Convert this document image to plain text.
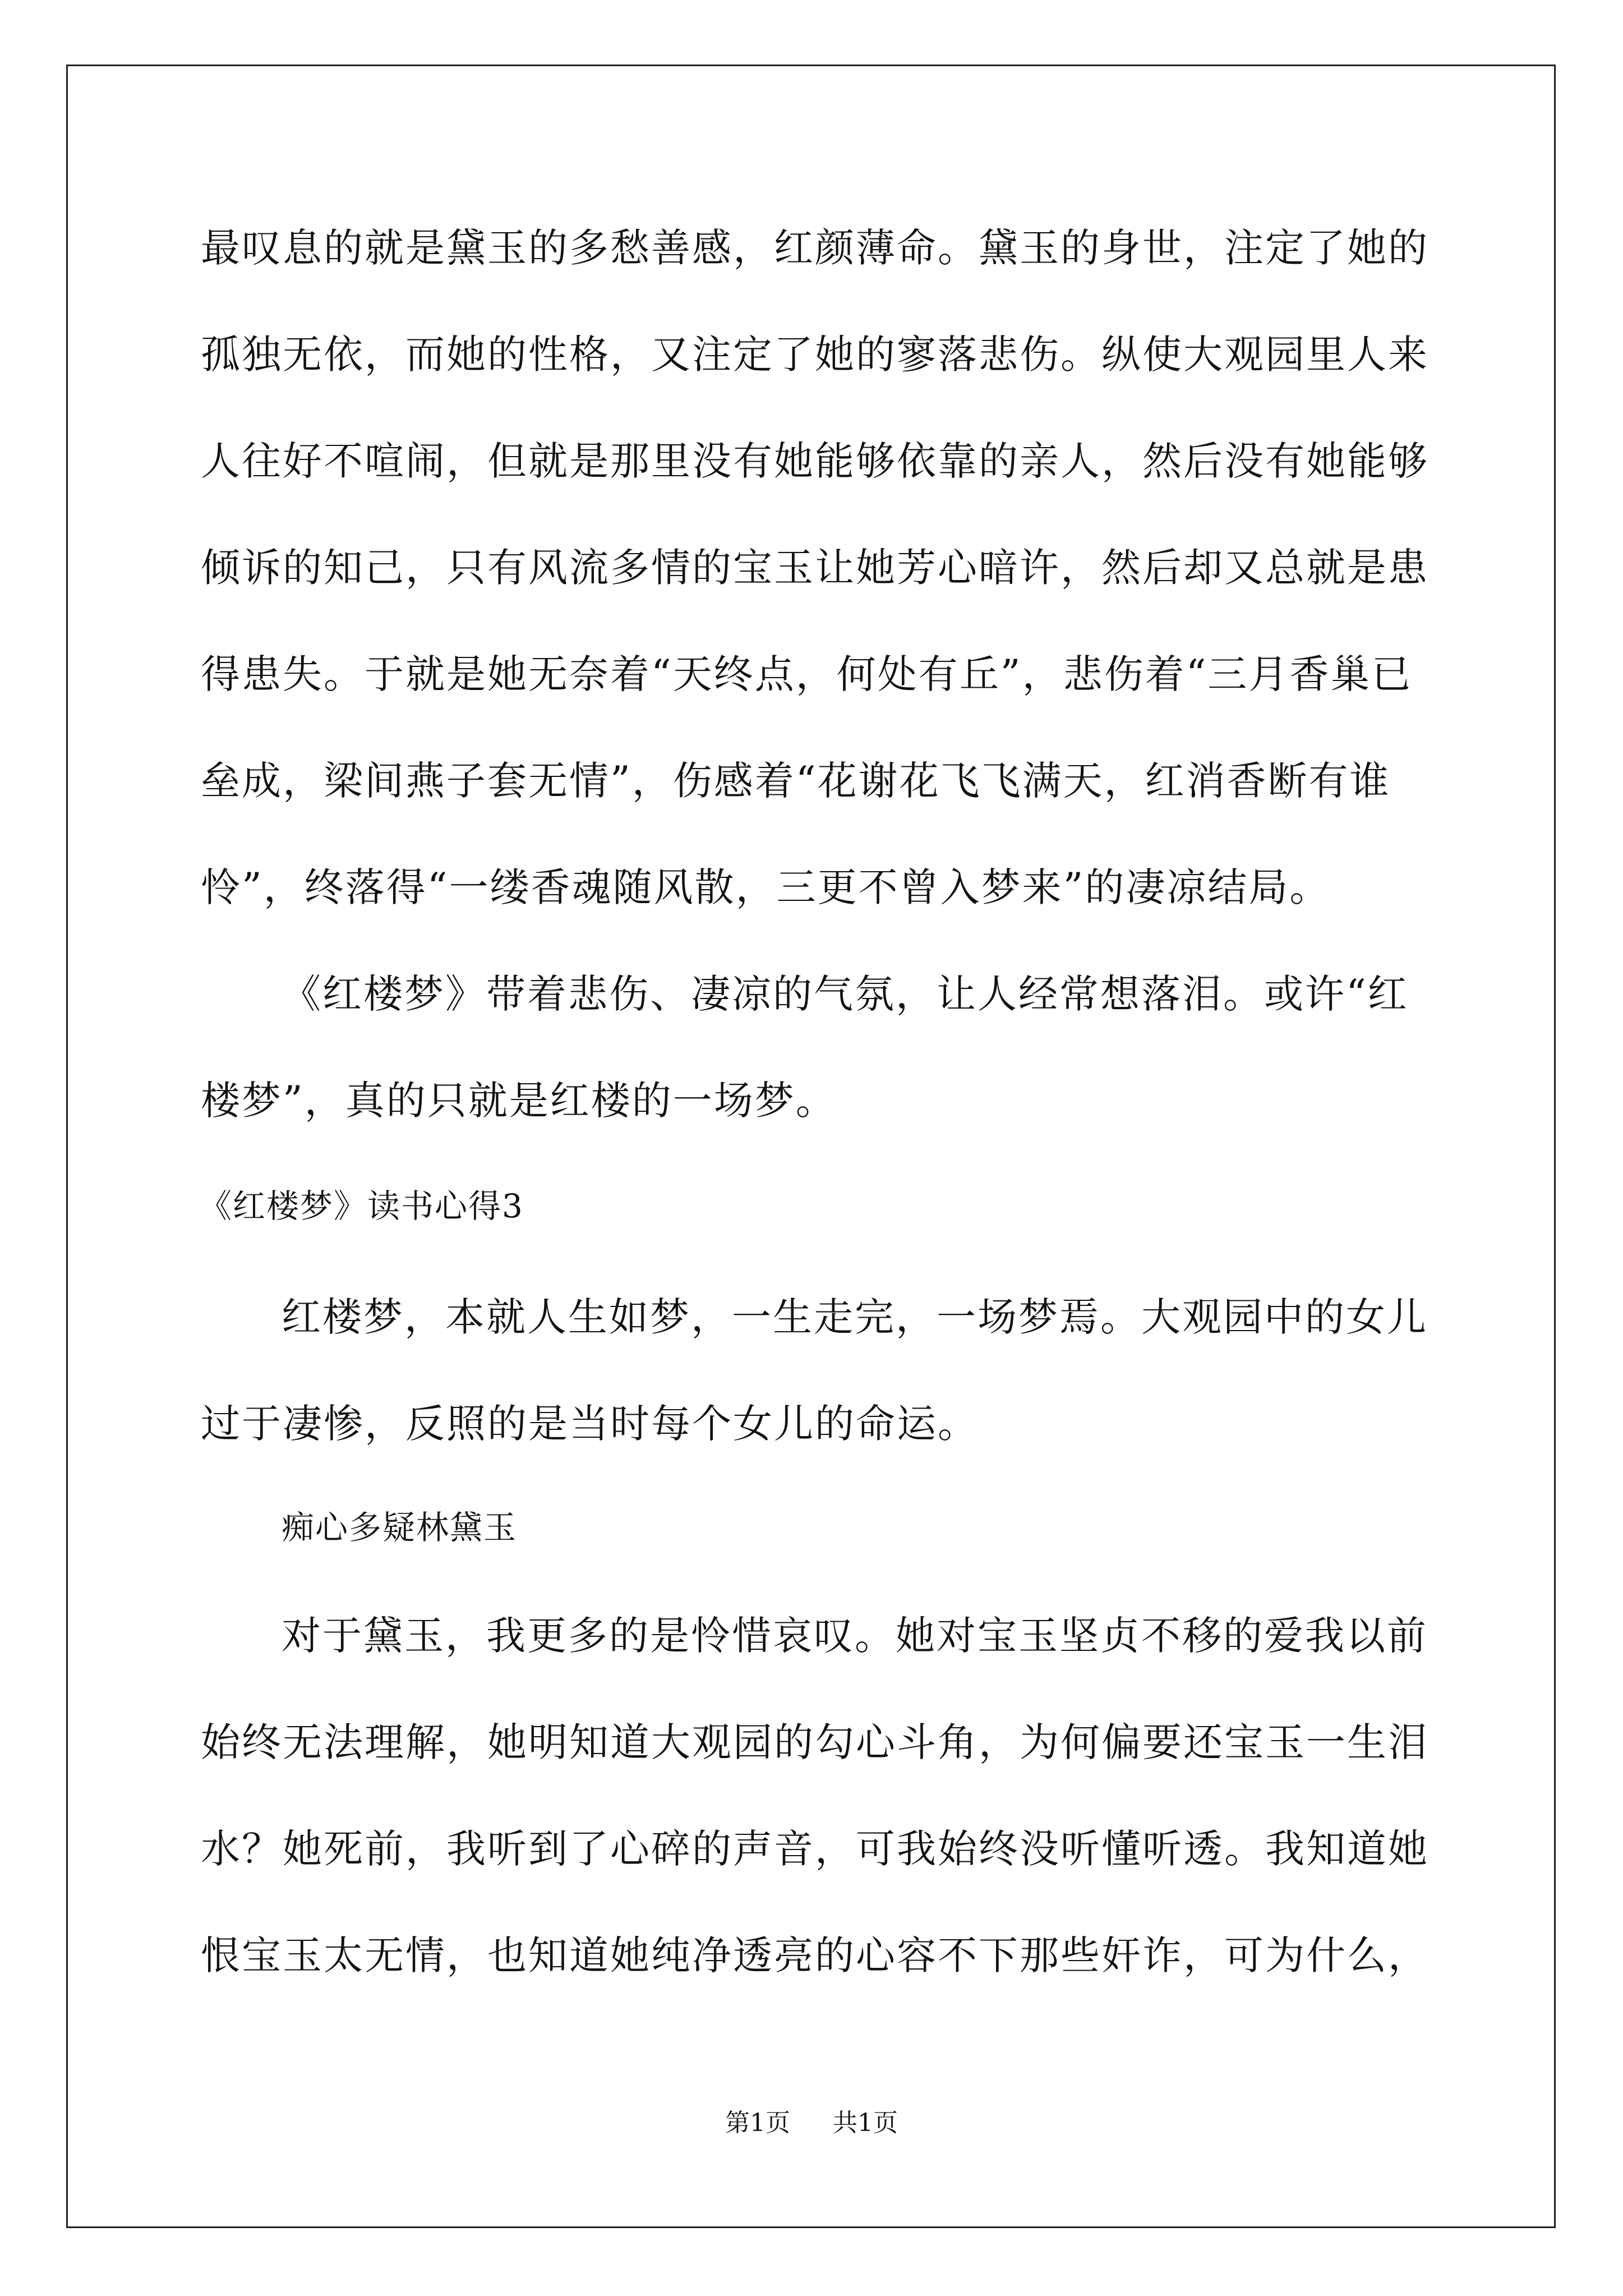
最叹息的就是黛玉的多愁善感，红颜薄命。黛玉的身世，注定了她的
孤独无依，而她的性格，又注定了她的寥落悲伤。纵使大观园里人来
人往好不喧闹，但就是那里没有她能够依靠的亲人，然后没有她能够
倾诉的知己，只有风流多情的宝玉让她芳心暗许，然后却又总就是患
得患失。于就是她无奈着“天终点，何处有丘”，悲伤着“三月香巢已
垒成，梁间燕子套无情”，伤感着“花谢花飞飞满天，红消香断有谁
怜”，终落得“一缕香魂随风散，三更不曾入梦来”的凄凉结局。
《红楼梦》带着悲伤、凄凉的气氛，让人经常想落泪。或许“红
楼梦”，真的只就是红楼的一场梦。
《红楼梦》读书心得3
红楼梦，本就人生如梦，一生走完，一场梦焉。大观园中的女儿
过于凄惨，反照的是当时每个女儿的命运。
痴心多疑林黛玉
对于黛玉，我更多的是怜惜哀叹。她对宝玉坚贞不移的爱我以前
始终无法理解，她明知道大观园的勾心斗角，为何偏要还宝玉一生泪
水？她死前，我听到了心碎的声音，可我始终没听懂听透。我知道她
恨宝玉太无情，也知道她纯净透亮的心容不下那些奸诈，可为什么，
第1页 共1页
